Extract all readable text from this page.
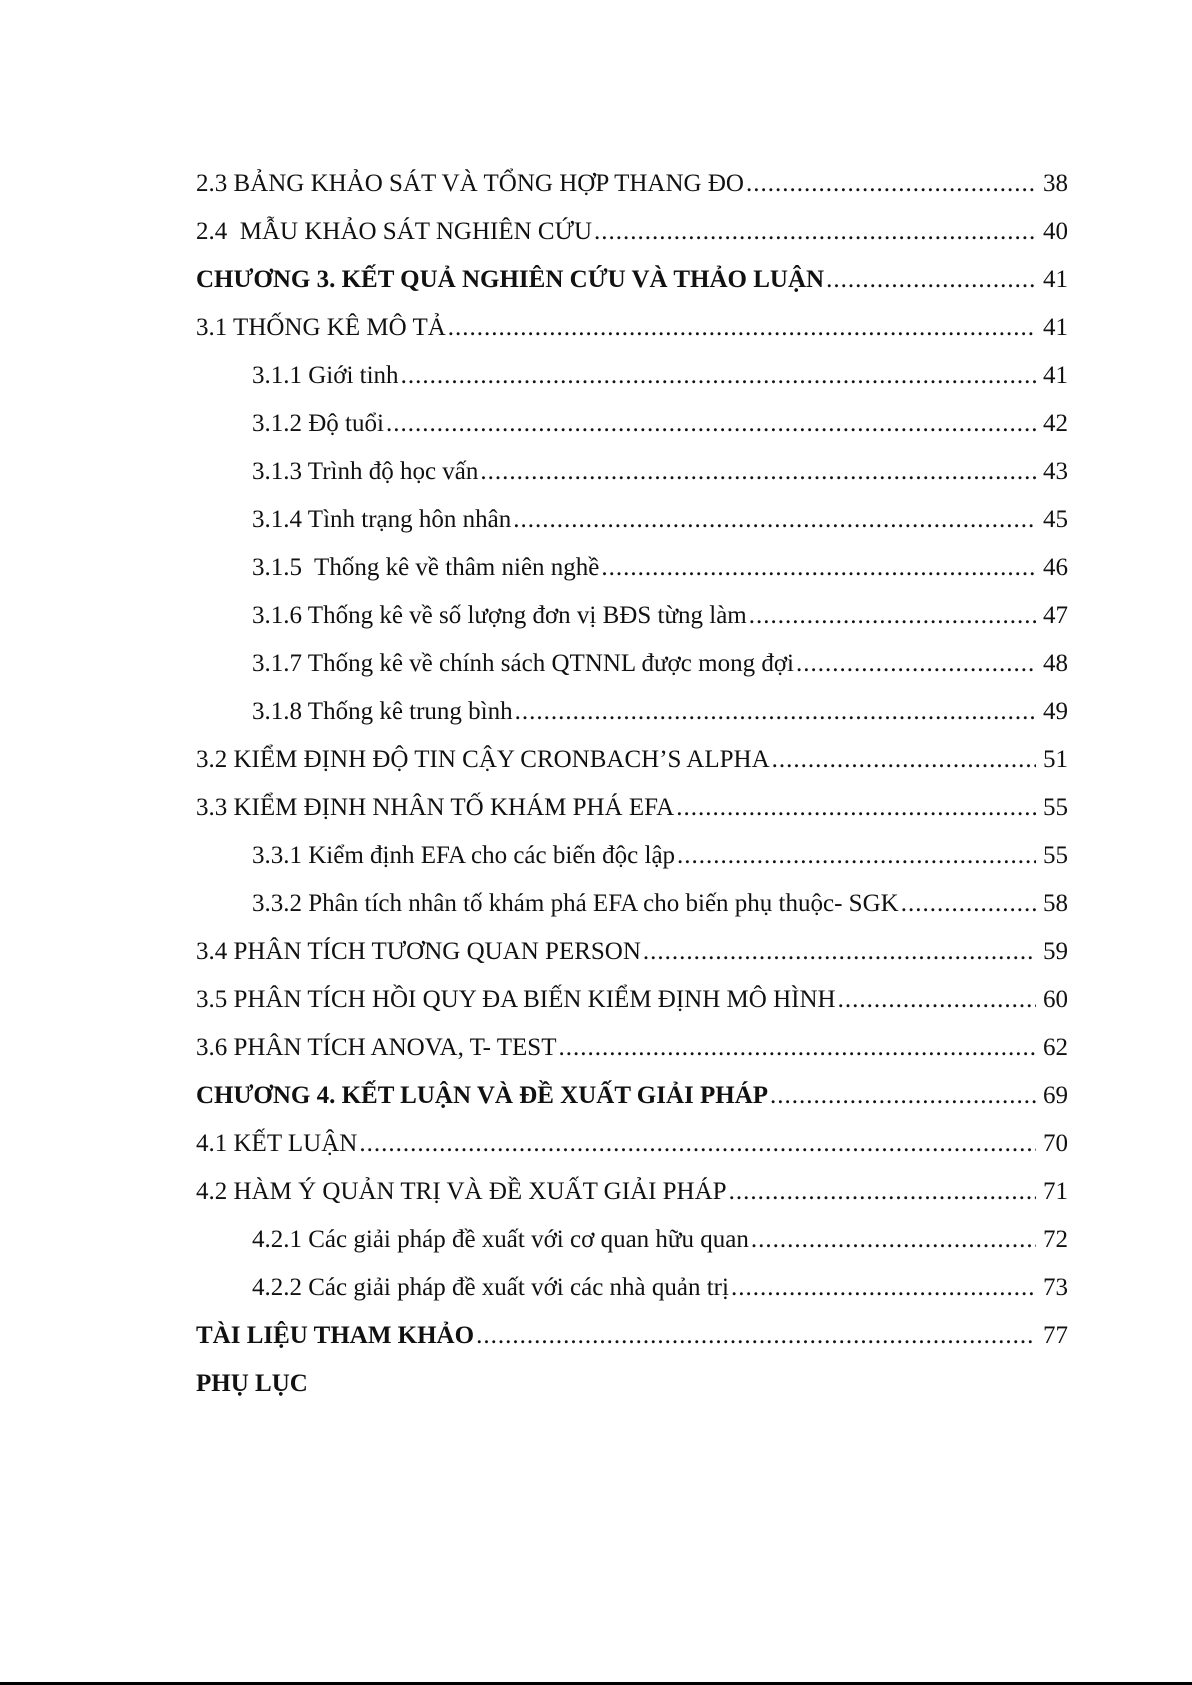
2.3 BẢNG KHẢO SÁT VÀ TỔNG HỢP THANG ĐO .....	38
2.4  MẪU KHẢO SÁT NGHIÊN CỨU .....	40
CHƯƠNG 3. KẾT QUẢ NGHIÊN CỨU VÀ THẢO LUẬN .....	41
3.1 THỐNG KÊ MÔ TẢ .....	41
3.1.1 Giới tinh .....	41
3.1.2 Độ tuổi .....	42
3.1.3 Trình độ học vấn .....	43
3.1.4 Tình trạng hôn nhân .....	45
3.1.5  Thống kê về thâm niên nghề .....	46
3.1.6 Thống kê về số lượng đơn vị BĐS từng làm .....	47
3.1.7 Thống kê về chính sách QTNNL được mong đợi .....	48
3.1.8 Thống kê trung bình .....	49
3.2 KIỂM ĐỊNH ĐỘ TIN CẬY CRONBACH’S ALPHA .....	51
3.3 KIỂM ĐỊNH NHÂN TỐ KHÁM PHÁ EFA .....	55
3.3.1 Kiểm định EFA cho các biến độc lập .....	55
3.3.2 Phân tích nhân tố khám phá EFA cho biến phụ thuộc- SGK .....	58
3.4 PHÂN TÍCH TƯƠNG QUAN PERSON .....	59
3.5 PHÂN TÍCH HỒI QUY ĐA BIẾN KIỂM ĐỊNH MÔ HÌNH .....	60
3.6 PHÂN TÍCH ANOVA, T- TEST .....	62
CHƯƠNG 4. KẾT LUẬN VÀ ĐỀ XUẤT GIẢI PHÁP .....	69
4.1 KẾT LUẬN .....	70
4.2 HÀM Ý QUẢN TRỊ VÀ ĐỀ XUẤT GIẢI PHÁP .....	71
4.2.1 Các giải pháp đề xuất với cơ quan hữu quan .....	72
4.2.2 Các giải pháp đề xuất với các nhà quản trị .....	73
TÀI LIỆU THAM KHẢO .....	77
PHỤ LỤC
